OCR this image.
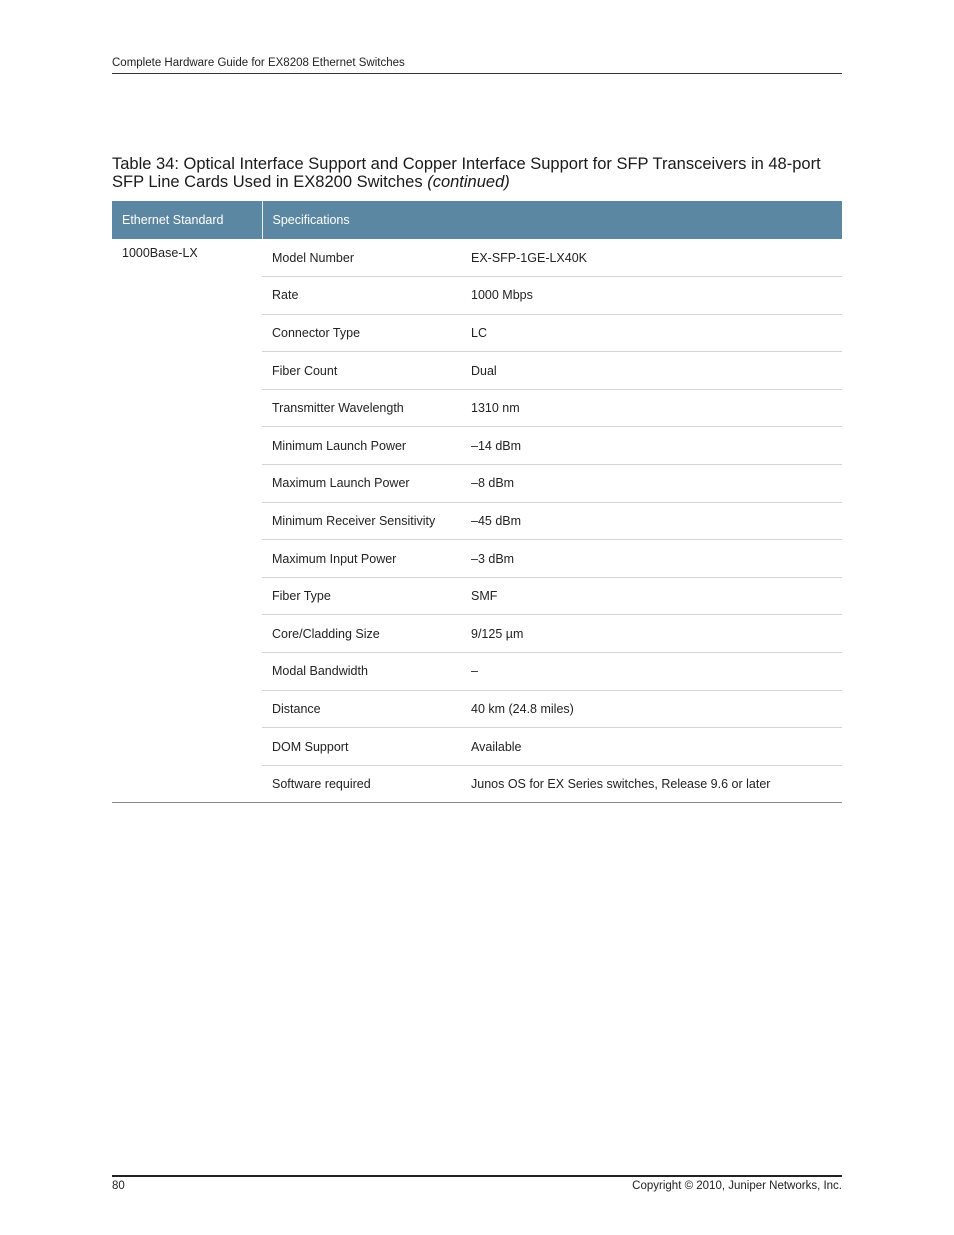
Complete Hardware Guide for EX8208 Ethernet Switches
Table 34: Optical Interface Support and Copper Interface Support for SFP Transceivers in 48-port SFP Line Cards Used in EX8200 Switches (continued)
Ethernet Standard	Specifications	
1000Base-LX	Model Number	EX-SFP-1GE-LX40K
	Rate	1000 Mbps
	Connector Type	LC
	Fiber Count	Dual
	Transmitter Wavelength	1310 nm
	Minimum Launch Power	–14 dBm
	Maximum Launch Power	–8 dBm
	Minimum Receiver Sensitivity	–45 dBm
	Maximum Input Power	–3 dBm
	Fiber Type	SMF
	Core/Cladding Size	9/125 µm
	Modal Bandwidth	–
	Distance	40 km (24.8 miles)
	DOM Support	Available
	Software required	Junos OS for EX Series switches, Release 9.6 or later
80	Copyright © 2010, Juniper Networks, Inc.
